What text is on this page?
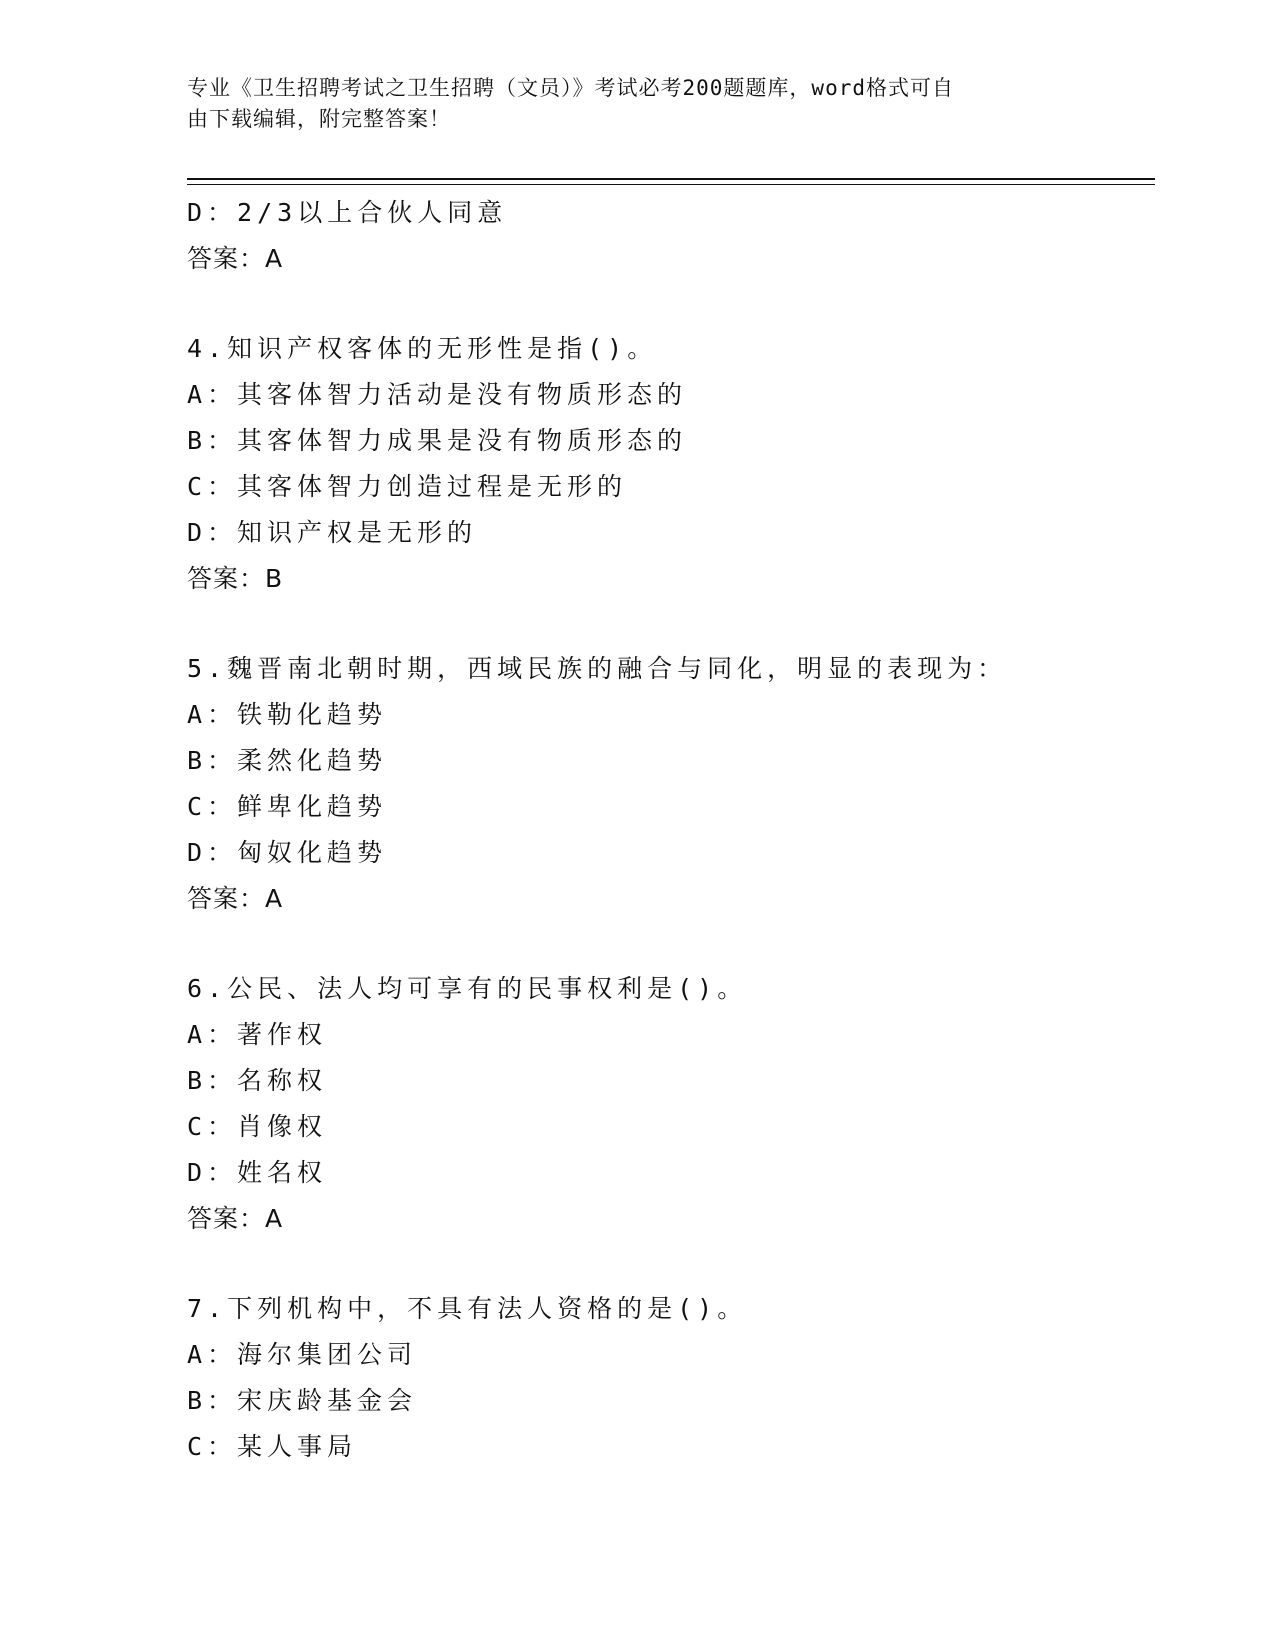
专业《卫生招聘考试之卫生招聘（文员）》考试必考200题题库，word格式可自
由下载编辑，附完整答案！
D：2/3以上合伙人同意
答案：A
4.知识产权客体的无形性是指()。
A：其客体智力活动是没有物质形态的
B：其客体智力成果是没有物质形态的
C：其客体智力创造过程是无形的
D：知识产权是无形的
答案：B
5.魏晋南北朝时期，西域民族的融合与同化，明显的表现为：
A：铁勒化趋势
B：柔然化趋势
C：鲜卑化趋势
D：匈奴化趋势
答案：A
6.公民、法人均可享有的民事权利是()。
A：著作权
B：名称权
C：肖像权
D：姓名权
答案：A
7.下列机构中，不具有法人资格的是()。
A：海尔集团公司
B：宋庆龄基金会
C：某人事局
